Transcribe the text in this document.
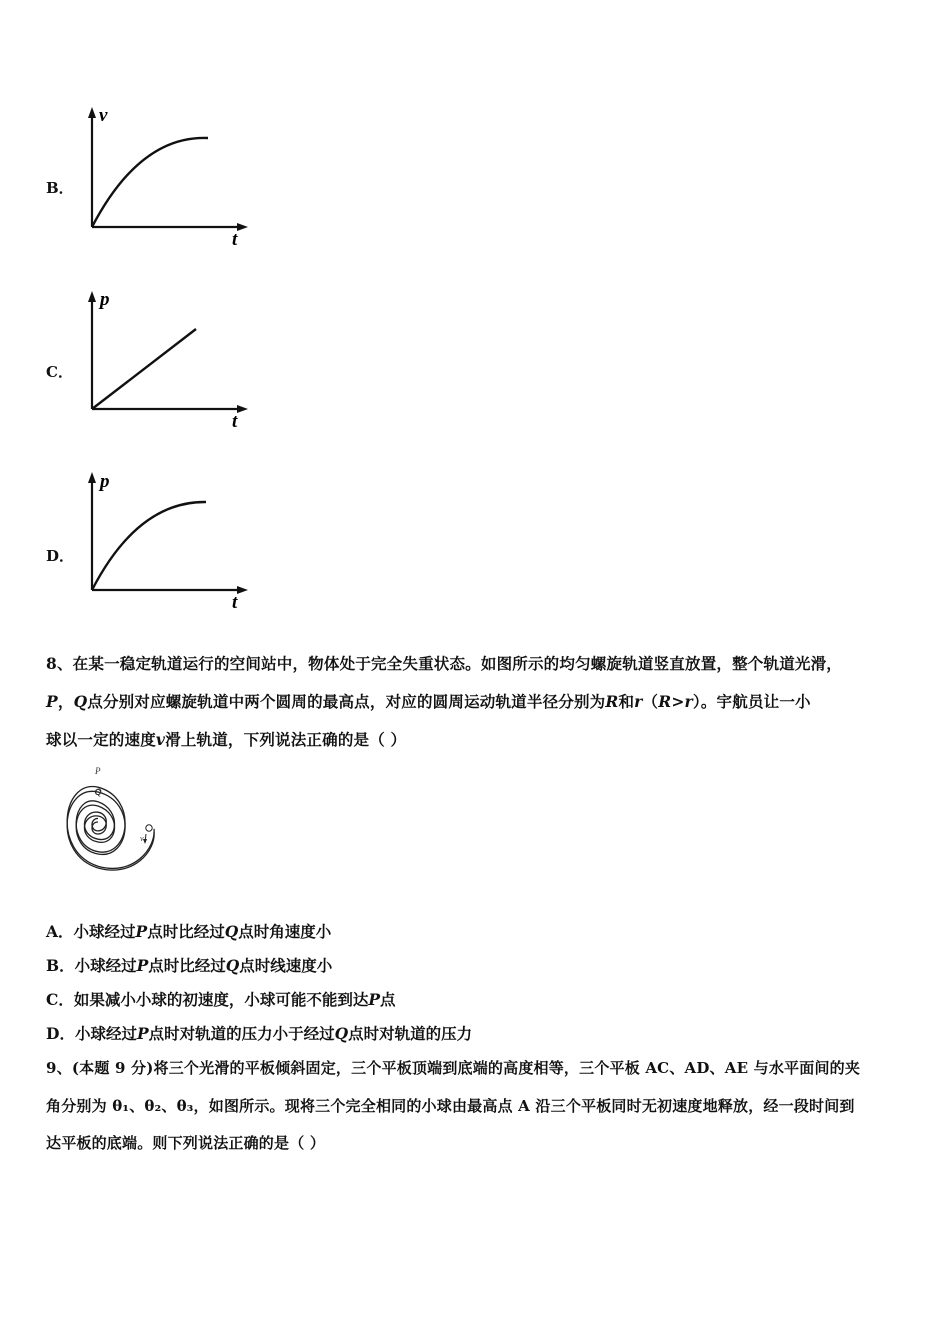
B．
v
t
C．
p
t
D．
p
t
8、在某一稳定轨道运行的空间站中，物体处于完全失重状态。如图所示的均匀螺旋轨道竖直放置，整个轨道光滑，
P，Q点分别对应螺旋轨道中两个圆周的最高点，对应的圆周运动轨道半径分别为R和r（R>r）。宇航员让一小
球以一定的速度v滑上轨道，下列说法正确的是（ ）
P
Q
v
A．小球经过P点时比经过Q点时角速度小
B．小球经过P点时比经过Q点时线速度小
C．如果减小小球的初速度，小球可能不能到达P点
D．小球经过P点时对轨道的压力小于经过Q点时对轨道的压力
9、(本题 9 分)将三个光滑的平板倾斜固定，三个平板顶端到底端的高度相等，三个平板 AC、AD、AE 与水平面间的夹
角分别为 θ₁、θ₂、θ₃，如图所示。现将三个完全相同的小球由最高点 A 沿三个平板同时无初速度地释放，经一段时间到
达平板的底端。则下列说法正确的是（ ）
